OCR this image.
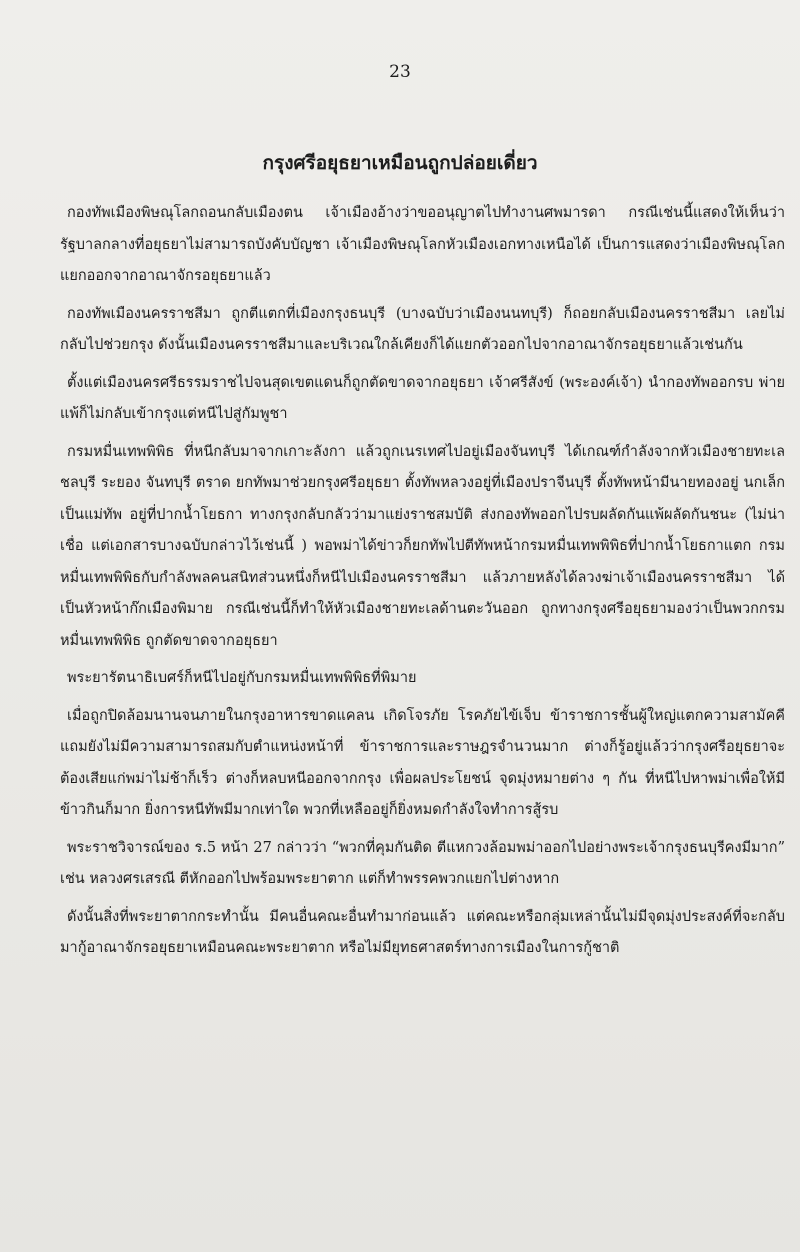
23
กรุงศรีอยุธยาเหมือนถูกปล่อยเดี่ยว

กองทัพเมืองพิษณุโลกถอนกลับเมืองตน เจ้าเมืองอ้างว่าขออนุญาตไปทำงานศพมารดา กรณีเช่นนี้แสดงให้เห็นว่ารัฐบาลกลางที่อยุธยาไม่สามารถบังคับบัญชา เจ้าเมืองพิษณุโลกหัวเมืองเอกทางเหนือได้ เป็นการแสดงว่าเมืองพิษณุโลกแยกออกจากอาณาจักรอยุธยาแล้ว

กองทัพเมืองนครราชสีมา ถูกตีแตกที่เมืองกรุงธนบุรี (บางฉบับว่าเมืองนนทบุรี) ก็ถอยกลับเมืองนครราชสีมา เลยไม่กลับไปช่วยกรุง ดังนั้นเมืองนครราชสีมาและบริเวณใกล้เคียงก็ได้แยกตัวออกไปจากอาณาจักรอยุธยาแล้วเช่นกัน

ตั้งแต่เมืองนครศรีธรรมราชไปจนสุดเขตแดนก็ถูกตัดขาดจากอยุธยา เจ้าศรีสังข์ (พระองค์เจ้า) นำกองทัพออกรบ พ่ายแพ้ก็ไม่กลับเข้ากรุงแต่หนีไปสู่กัมพูชา

กรมหมื่นเทพพิพิธ ที่หนีกลับมาจากเกาะลังกา แล้วถูกเนรเทศไปอยู่เมืองจันทบุรี ได้เกณฑ์กำลังจากหัวเมืองชายทะเล ชลบุรี ระยอง จันทบุรี ตราด ยกทัพมาช่วยกรุงศรีอยุธยา ตั้งทัพหลวงอยู่ที่เมืองปราจีนบุรี ตั้งทัพหน้ามีนายทองอยู่ นกเล็กเป็นแม่ทัพ อยู่ที่ปากน้ำโยธกา ทางกรุงกลับกลัวว่ามาแย่งราชสมบัติ ส่งกองทัพออกไปรบผลัดกันแพ้ผลัดกันชนะ (ไม่น่าเชื่อ แต่เอกสารบางฉบับกล่าวไว้เช่นนี้ ) พอพม่าได้ข่าวก็ยกทัพไปตีทัพหน้ากรมหมื่นเทพพิพิธที่ปากน้ำโยธกาแตก กรมหมื่นเทพพิพิธกับกำลังพลคนสนิทส่วนหนึ่งก็หนีไปเมืองนครราชสีมา แล้วภายหลังได้ลวงฆ่าเจ้าเมืองนครราชสีมา ได้เป็นหัวหน้าก๊กเมืองพิมาย กรณีเช่นนี้ก็ทำให้หัวเมืองชายทะเลด้านตะวันออก ถูกทางกรุงศรีอยุธยามองว่าเป็นพวกกรมหมื่นเทพพิพิธ ถูกตัดขาดจากอยุธยา

พระยารัตนาธิเบศร์ก็หนีไปอยู่กับกรมหมื่นเทพพิพิธที่พิมาย

เมื่อถูกปิดล้อมนานจนภายในกรุงอาหารขาดแคลน เกิดโจรภัย โรคภัยไข้เจ็บ ข้าราชการชั้นผู้ใหญ่แตกความสามัคคี แถมยังไม่มีความสามารถสมกับตำแหน่งหน้าที่ ข้าราชการและราษฎรจำนวนมาก ต่างก็รู้อยู่แล้วว่ากรุงศรีอยุธยาจะต้องเสียแก่พม่าไม่ช้าก็เร็ว ต่างก็หลบหนีออกจากกรุง เพื่อผลประโยชน์ จุดมุ่งหมายต่าง ๆ กัน ที่หนีไปหาพม่าเพื่อให้มีข้าวกินก็มาก ยิ่งการหนีทัพมีมากเท่าใด พวกที่เหลืออยู่ก็ยิ่งหมดกำลังใจทำการสู้รบ

พระราชวิจารณ์ของ ร.5 หน้า 27 กล่าวว่า “พวกที่คุมกันติด ตีแหกวงล้อมพม่าออกไปอย่างพระเจ้ากรุงธนบุรีคงมีมาก” เช่น หลวงศรเสรณี ตีหักออกไปพร้อมพระยาตาก แต่ก็ทำพรรคพวกแยกไปต่างหาก

ดังนั้นสิ่งที่พระยาตากกระทำนั้น มีคนอื่นคณะอื่นทำมาก่อนแล้ว แต่คณะหรือกลุ่มเหล่านั้นไม่มีจุดมุ่งประสงค์ที่จะกลับมากู้อาณาจักรอยุธยาเหมือนคณะพระยาตาก หรือไม่มียุทธศาสตร์ทางการเมืองในการกู้ชาติ
